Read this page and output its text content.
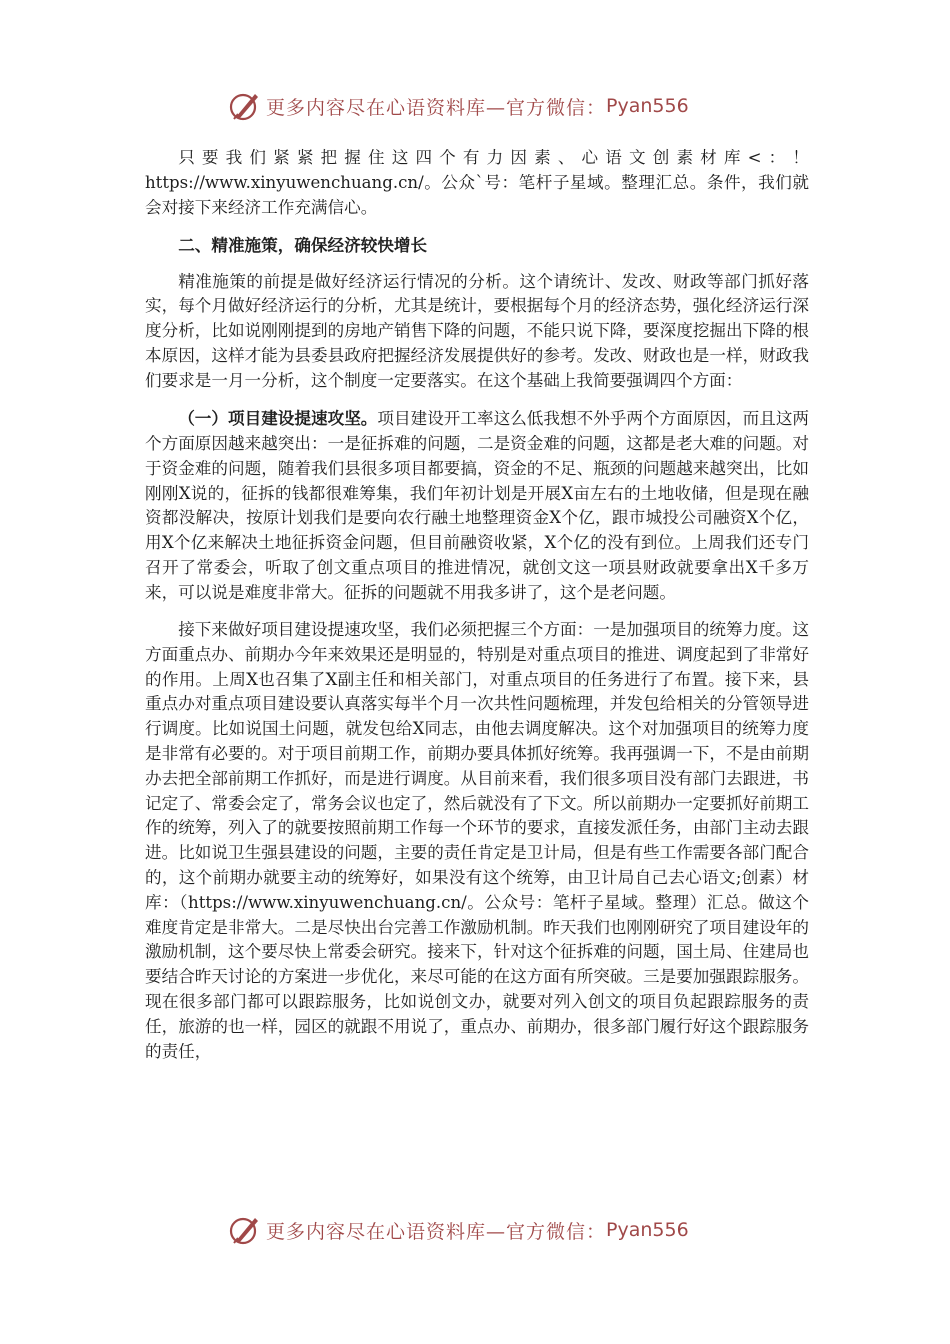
更多内容尽在心语资料库—官方微信： Pyan556

只要我们紧紧把握住这四个有力因素、心语文创素材库<：！https://www.xinyuwenchuang.cn/。公众`号：笔杆子星域。整理汇总。条件，我们就会对接下来经济工作充满信心。

二、精准施策，确保经济较快增长

精准施策的前提是做好经济运行情况的分析。这个请统计、发改、财政等部门抓好落实，每个月做好经济运行的分析，尤其是统计，要根据每个月的经济态势，强化经济运行深度分析，比如说刚刚提到的房地产销售下降的问题，不能只说下降，要深度挖掘出下降的根本原因，这样才能为县委县政府把握经济发展提供好的参考。发改、财政也是一样，财政我们要求是一月一分析，这个制度一定要落实。在这个基础上我简要强调四个方面：

（一）项目建设提速攻坚。项目建设开工率这么低我想不外乎两个方面原因，而且这两个方面原因越来越突出：一是征拆难的问题，二是资金难的问题，这都是老大难的问题。对于资金难的问题，随着我们县很多项目都要搞，资金的不足、瓶颈的问题越来越突出，比如刚刚X说的，征拆的钱都很难筹集，我们年初计划是开展X亩左右的土地收储，但是现在融资都没解决，按原计划我们是要向农行融土地整理资金X个亿，跟市城投公司融资X个亿，用X个亿来解决土地征拆资金问题，但目前融资收紧，X个亿的没有到位。上周我们还专门召开了常委会，听取了创文重点项目的推进情况，就创文这一项县财政就要拿出X千多万来，可以说是难度非常大。征拆的问题就不用我多讲了，这个是老问题。

接下来做好项目建设提速攻坚，我们必须把握三个方面：一是加强项目的统筹力度。这方面重点办、前期办今年来效果还是明显的，特别是对重点项目的推进、调度起到了非常好的作用。上周X也召集了X副主任和相关部门，对重点项目的任务进行了布置。接下来，县重点办对重点项目建设要认真落实每半个月一次共性问题梳理，并发包给相关的分管领导进行调度。比如说国土问题，就发包给X同志，由他去调度解决。这个对加强项目的统筹力度是非常有必要的。对于项目前期工作，前期办要具体抓好统筹。我再强调一下，不是由前期办去把全部前期工作抓好，而是进行调度。从目前来看，我们很多项目没有部门去跟进，书记定了、常委会定了，常务会议也定了，然后就没有了下文。所以前期办一定要抓好前期工作的统筹，列入了的就要按照前期工作每一个环节的要求，直接发派任务，由部门主动去跟进。比如说卫生强县建设的问题，主要的责任肯定是卫计局，但是有些工作需要各部门配合的，这个前期办就要主动的统筹好，如果没有这个统筹，由卫计局自己去心语文;创素）材库：（https://www.xinyuwenchuang.cn/。公众号：笔杆子星域。整理）汇总。做这个难度肯定是非常大。二是尽快出台完善工作激励机制。昨天我们也刚刚研究了项目建设年的激励机制，这个要尽快上常委会研究。接来下，针对这个征拆难的问题，国土局、住建局也要结合昨天讨论的方案进一步优化，来尽可能的在这方面有所突破。三是要加强跟踪服务。现在很多部门都可以跟踪服务，比如说创文办，就要对列入创文的项目负起跟踪服务的责任，旅游的也一样，园区的就跟不用说了，重点办、前期办，很多部门履行好这个跟踪服务的责任，

更多内容尽在心语资料库—官方微信： Pyan556
